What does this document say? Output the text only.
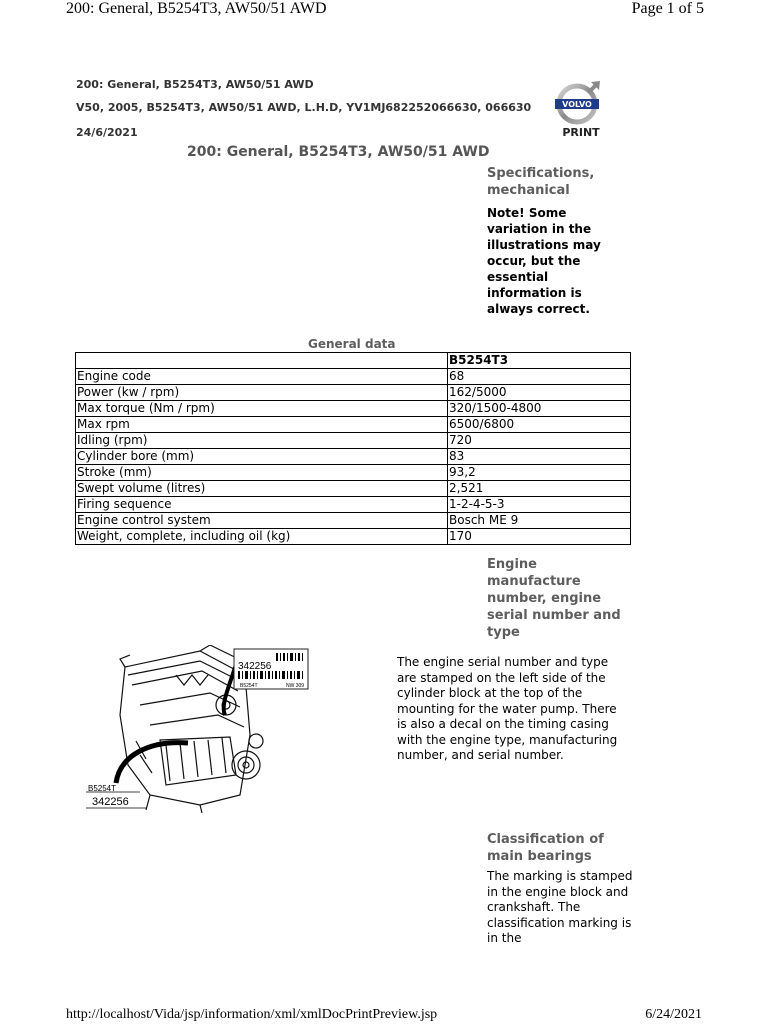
200: General, B5254T3, AW50/51 AWD	Page 1 of 5
200: General, B5254T3, AW50/51 AWD
V50, 2005, B5254T3, AW50/51 AWD, L.H.D, YV1MJ682252066630, 066630
24/6/2021
VOLVO
PRINT
200: General, B5254T3, AW50/51 AWD
Specifications, mechanical
Note! Some variation in the illustrations may occur, but the essential information is always correct.
General data
	B5254T3
Engine code	68
Power (kw / rpm)	162/5000
Max torque (Nm / rpm)	320/1500-4800
Max rpm	6500/6800
Idling (rpm)	720
Cylinder bore (mm)	83
Stroke (mm)	93,2
Swept volume (litres)	2,521
Firing sequence	1-2-4-5-3
Engine control system	Bosch ME 9
Weight, complete, including oil (kg)	170
Engine manufacture number, engine serial number and type
342256
B5254T	NW 309
B5254T
342256
The engine serial number and type are stamped on the left side of the cylinder block at the top of the mounting for the water pump. There is also a decal on the timing casing with the engine type, manufacturing number, and serial number.
Classification of main bearings
The marking is stamped in the engine block and crankshaft. The classification marking is in the
http://localhost/Vida/jsp/information/xml/xmlDocPrintPreview.jsp	6/24/2021
